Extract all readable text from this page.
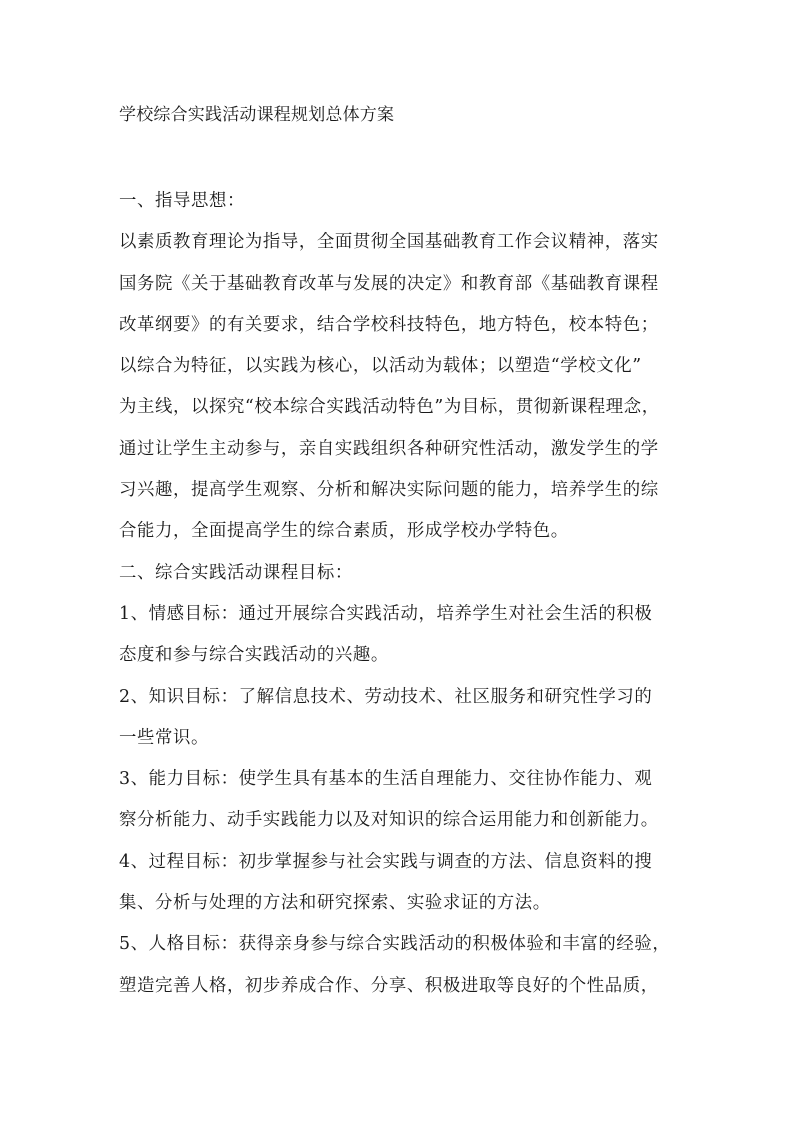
学校综合实践活动课程规划总体方案
一、指导思想：
以素质教育理论为指导，全面贯彻全国基础教育工作会议精神，落实
国务院《关于基础教育改革与发展的决定》和教育部《基础教育课程
改革纲要》的有关要求，结合学校科技特色，地方特色，校本特色；
以综合为特征，以实践为核心，以活动为载体；以塑造“学校文化”
为主线，以探究“校本综合实践活动特色”为目标，贯彻新课程理念，
通过让学生主动参与，亲自实践组织各种研究性活动，激发学生的学
习兴趣，提高学生观察、分析和解决实际问题的能力，培养学生的综
合能力，全面提高学生的综合素质，形成学校办学特色。
二、综合实践活动课程目标：
1、情感目标：通过开展综合实践活动，培养学生对社会生活的积极
态度和参与综合实践活动的兴趣。
2、知识目标：了解信息技术、劳动技术、社区服务和研究性学习的
一些常识。
3、能力目标：使学生具有基本的生活自理能力、交往协作能力、观
察分析能力、动手实践能力以及对知识的综合运用能力和创新能力。
4、过程目标：初步掌握参与社会实践与调查的方法、信息资料的搜
集、分析与处理的方法和研究探索、实验求证的方法。
5、人格目标：获得亲身参与综合实践活动的积极体验和丰富的经验，
塑造完善人格，初步养成合作、分享、积极进取等良好的个性品质，
